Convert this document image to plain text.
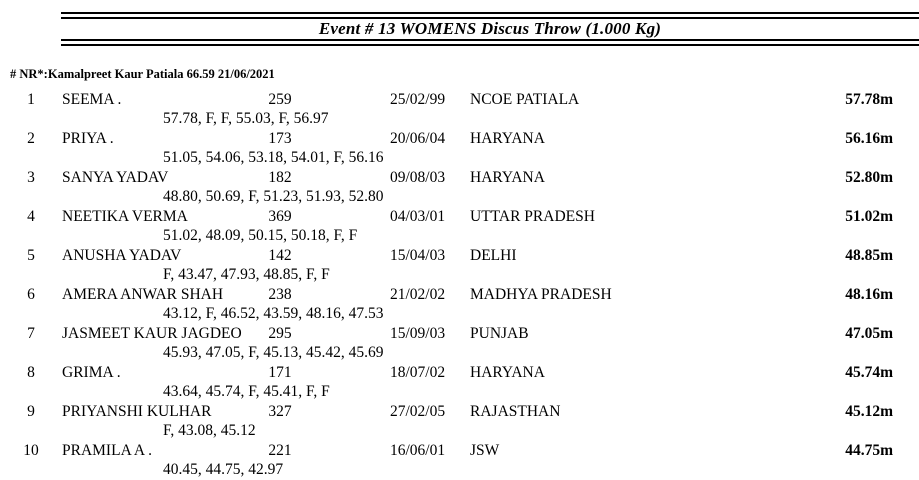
Event # 13 WOMENS Discus Throw (1.000 Kg)
# NR*:Kamalpreet Kaur Patiala 66.59 21/06/2021
1	SEEMA .	259	25/02/99 NCOE PATIALA	57.78m
57.78, F, F, 55.03, F, 56.97
2	PRIYA .	173	20/06/04 HARYANA	56.16m
51.05, 54.06, 53.18, 54.01, F, 56.16
3	SANYA YADAV	182	09/08/03 HARYANA	52.80m
48.80, 50.69, F, 51.23, 51.93, 52.80
4	NEETIKA VERMA	369	04/03/01 UTTAR PRADESH	51.02m
51.02, 48.09, 50.15, 50.18, F, F
5	ANUSHA YADAV	142	15/04/03 DELHI	48.85m
F, 43.47, 47.93, 48.85, F, F
6	AMERA ANWAR SHAH	238	21/02/02 MADHYA PRADESH	48.16m
43.12, F, 46.52, 43.59, 48.16, 47.53
7	JASMEET KAUR JAGDEO	295	15/09/03 PUNJAB	47.05m
45.93, 47.05, F, 45.13, 45.42, 45.69
8	GRIMA .	171	18/07/02 HARYANA	45.74m
43.64, 45.74, F, 45.41, F, F
9	PRIYANSHI KULHAR	327	27/02/05 RAJASTHAN	45.12m
F, 43.08, 45.12
10	PRAMILA A .	221	16/06/01 JSW	44.75m
40.45, 44.75, 42.97
